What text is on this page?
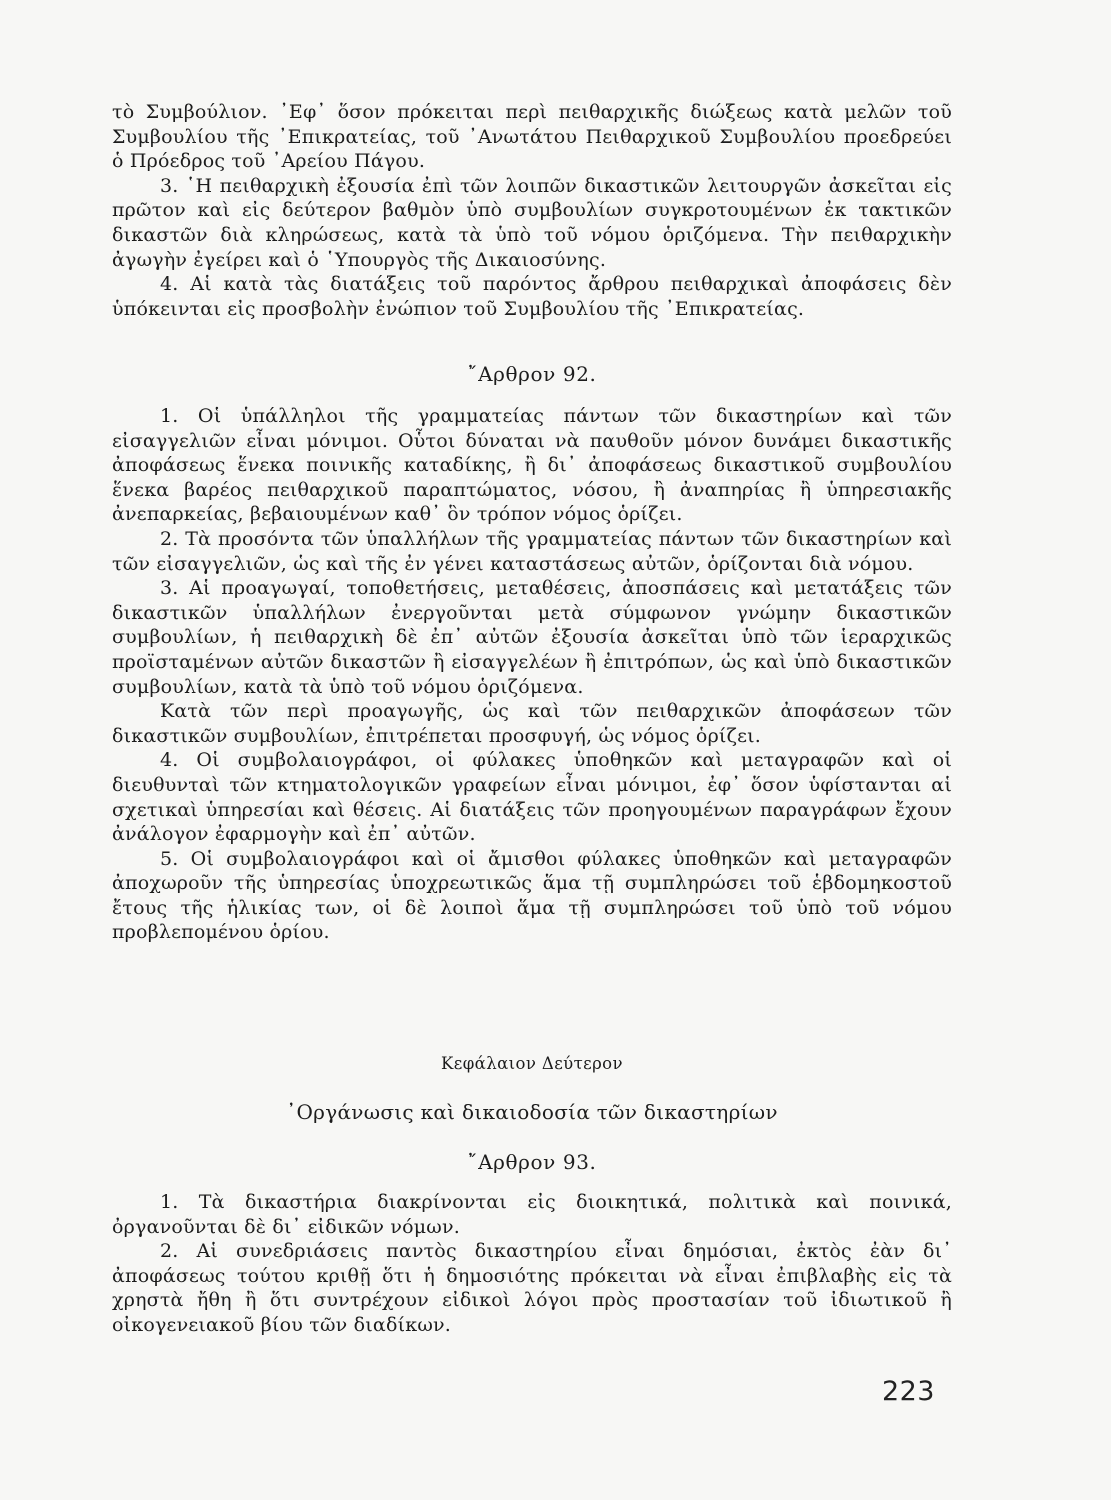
τὸ Συμβούλιον. ᾿Εφ᾿ ὅσον πρόκειται περὶ πειθαρχικῆς διώξεως κατὰ μελῶν τοῦ Συμβουλίου τῆς ᾿Επικρατείας, τοῦ ᾿Ανωτάτου Πειθαρχικοῦ Συμβουλίου προεδρεύει ὁ Πρόεδρος τοῦ ᾿Αρείου Πάγου.

3. ῾Η πειθαρχικὴ ἐξουσία ἐπὶ τῶν λοιπῶν δικαστικῶν λειτουργῶν ἀσκεῖται εἰς πρῶτον καὶ εἰς δεύτερον βαθμὸν ὑπὸ συμβουλίων συγκροτουμένων ἐκ τακτικῶν δικαστῶν διὰ κληρώσεως, κατὰ τὰ ὑπὸ τοῦ νόμου ὁριζόμενα. Τὴν πειθαρχικὴν ἀγωγὴν ἐγείρει καὶ ὁ ῾Υπουργὸς τῆς Δικαιοσύνης.

4. Αἱ κατὰ τὰς διατάξεις τοῦ παρόντος ἄρθρου πειθαρχικαὶ ἀποφάσεις δὲν ὑπόκεινται εἰς προσβολὴν ἐνώπιον τοῦ Συμβουλίου τῆς ᾿Επικρατείας.

῎Αρθρον 92.

1. Οἱ ὑπάλληλοι τῆς γραμματείας πάντων τῶν δικαστηρίων καὶ τῶν εἰσαγγελιῶν εἶναι μόνιμοι. Οὗτοι δύναται νὰ παυθοῦν μόνον δυνάμει δικαστικῆς ἀποφάσεως ἕνεκα ποινικῆς καταδίκης, ἢ δι᾿ ἀποφάσεως δικαστικοῦ συμβουλίου ἕνεκα βαρέος πειθαρχικοῦ παραπτώματος, νόσου, ἢ ἀναπηρίας ἢ ὑπηρεσιακῆς ἀνεπαρκείας, βεβαιουμένων καθ᾿ ὃν τρόπον νόμος ὁρίζει.

2. Τὰ προσόντα τῶν ὑπαλλήλων τῆς γραμματείας πάντων τῶν δικαστηρίων καὶ τῶν εἰσαγγελιῶν, ὡς καὶ τῆς ἐν γένει καταστάσεως αὐτῶν, ὁρίζονται διὰ νόμου.

3. Αἱ προαγωγαί, τοποθετήσεις, μεταθέσεις, ἀποσπάσεις καὶ μετατάξεις τῶν δικαστικῶν ὑπαλλήλων ἐνεργοῦνται μετὰ σύμφωνον γνώμην δικαστικῶν συμβουλίων, ἡ πειθαρχικὴ δὲ ἐπ᾿ αὐτῶν ἐξουσία ἀσκεῖται ὑπὸ τῶν ἱεραρχικῶς προϊσταμένων αὐτῶν δικαστῶν ἢ εἰσαγγελέων ἢ ἐπιτρόπων, ὡς καὶ ὑπὸ δικαστικῶν συμβουλίων, κατὰ τὰ ὑπὸ τοῦ νόμου ὁριζόμενα.

Κατὰ τῶν περὶ προαγωγῆς, ὡς καὶ τῶν πειθαρχικῶν ἀποφάσεων τῶν δικαστικῶν συμβουλίων, ἐπιτρέπεται προσφυγή, ὡς νόμος ὁρίζει.

4. Οἱ συμβολαιογράφοι, οἱ φύλακες ὑποθηκῶν καὶ μεταγραφῶν καὶ οἱ διευθυνταὶ τῶν κτηματολογικῶν γραφείων εἶναι μόνιμοι, ἐφ᾿ ὅσον ὑφίστανται αἱ σχετικαὶ ὑπηρεσίαι καὶ θέσεις. Αἱ διατάξεις τῶν προηγουμένων παραγράφων ἔχουν ἀνάλογον ἐφαρμογὴν καὶ ἐπ᾿ αὐτῶν.

5. Οἱ συμβολαιογράφοι καὶ οἱ ἄμισθοι φύλακες ὑποθηκῶν καὶ μεταγραφῶν ἀποχωροῦν τῆς ὑπηρεσίας ὑποχρεωτικῶς ἅμα τῇ συμπληρώσει τοῦ ἑβδομηκοστοῦ ἔτους τῆς ἡλικίας των, οἱ δὲ λοιποὶ ἅμα τῇ συμπληρώσει τοῦ ὑπὸ τοῦ νόμου προβλεπομένου ὁρίου.

Κεφάλαιον Δεύτερον
᾿Οργάνωσις καὶ δικαιοδοσία τῶν δικαστηρίων
῎Αρθρον 93.

1. Τὰ δικαστήρια διακρίνονται εἰς διοικητικά, πολιτικὰ καὶ ποινικά, ὀργανοῦνται δὲ δι᾿ εἰδικῶν νόμων.

2. Αἱ συνεδριάσεις παντὸς δικαστηρίου εἶναι δημόσιαι, ἐκτὸς ἐὰν δι᾿ ἀποφάσεως τούτου κριθῇ ὅτι ἡ δημοσιότης πρόκειται νὰ εἶναι ἐπιβλαβὴς εἰς τὰ χρηστὰ ἤθη ἢ ὅτι συντρέχουν εἰδικοὶ λόγοι πρὸς προστασίαν τοῦ ἰδιωτικοῦ ἢ οἰκογενειακοῦ βίου τῶν διαδίκων.

223
